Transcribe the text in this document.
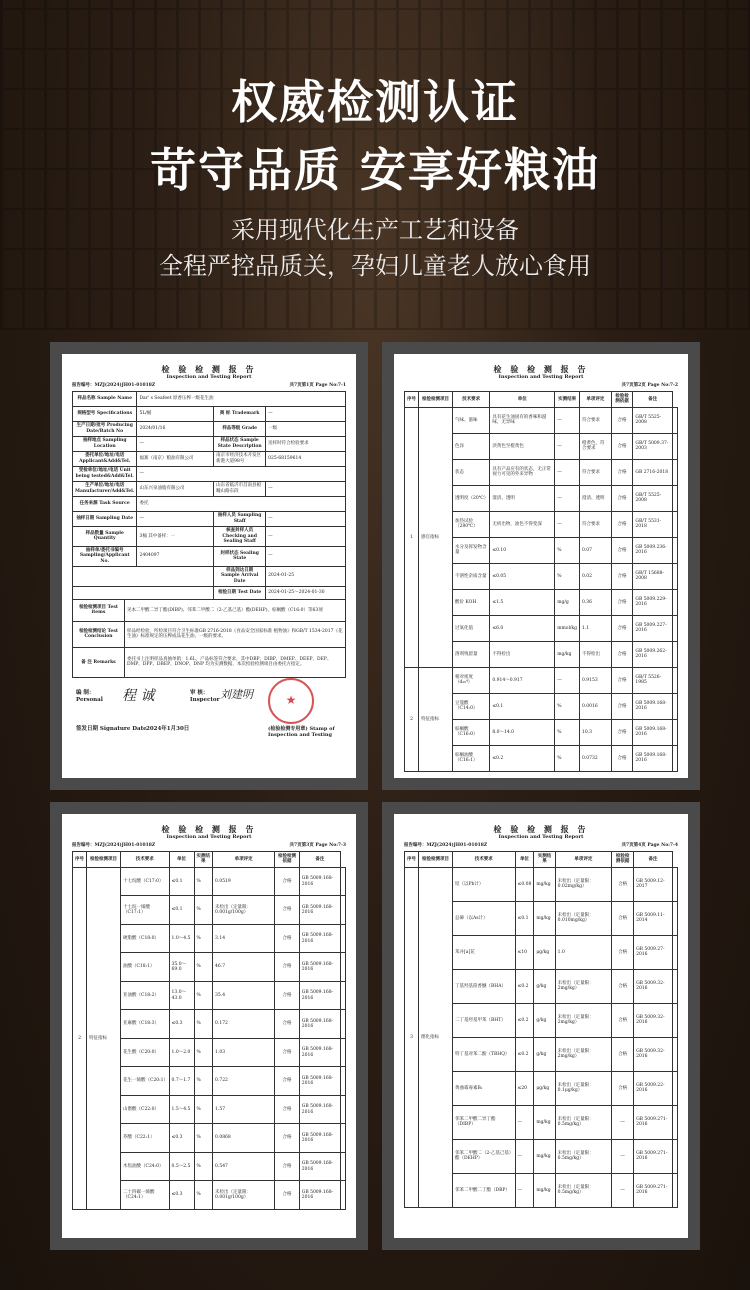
权威检测认证
苛守品质 安享好粮油
采用现代化生产工艺和设备
全程严控品质关，孕妇儿童老人放心食用
检 验 检 测 报 告
Inspection and Testing Report
报告编号：MZJ(2024)JH01-01018Z	共7页第1页 Page No:7-1
样品名称 Sample Name	Dar' s Seafeet 原香压榨一级花生油		
规格型号 Specifications	5L/桶	商 标 Trademark	—
生产日期/批号 Producing Date/Batch No	2024/01/16	样品等级 Grade	一级
抽样地点 Sampling Location	—	样品状态 Sample State Description	送样时符合检验要求
委托单位/地址/电话 Applicant&Add&Tel.	福寨（南京）粮油有限公司	南京市经济技术开发区新港大道98号	025-68159614
受检单位/地址/电话 Unit being tested&Add&Tel.	—		
生产单位/地址/电话 Manufacturer/Add&Tel.	山东兴泉油脂有限公司	山东省临沂市莒南县板疃山路东段	—
任务来源 Task Source	委托		
抽样日期 Sampling Date	—	抽样人员 Sampling Staff	—
样品数量 Sample Quantity	3桶 其中备样：一	核查封样人员 Checking and Sealing Staff	—
抽样单/委托书编号 Sampling/Applicant No.	2404097	封样状态 Sealing State	—
		样品到达日期 Sample Arrival Date	2024-01-25
		检验日期 Test Date	2024-01-25～2024-01-30
检验检测项目 Test items	见本二甲酸二异丁酯(DIBP)、邻苯二甲酸二（2-乙基己基）酯(DEHP)、棕榈酸（C16:0）等63项
检验检测结论 Test Conclusion	样品经检验，所检项目符合卫生标准GB 2716-2018《食品安全国家标准 植物油》和GB/T 1534-2017《花生油》标准规定的压榨成品花生油、一级的要求。
备 注 Remarks	委托书上注明样品真抽单销：1.6L，产品标签符合要求，其中DBP、DIBP、DMEP、DEEP、DEP、DMP、DPP、DBEP、DNOP、DNP 均为实测数据，本次检验检测项目由委托方指定。
编 制：
Personal 程 诚	审 核：
Inspector 刘建明	★
签发日期 Signature Date 2024年1月30日	(检验检测专用章) Stamp of Inspection and Testing
检 验 检 测 报 告
Inspection and Testing Report
共7页第2页 Page No:7-2
序号	检验检测项目	技术要求	单位	实测结果	单项评定	检验检测依据	备注	
1	感官指标	气味、滋味	具有花生油固有的香味和滋味，无异味	—	符合要求	合格	GB/T 5525-2008	
		色泽	淡黄色至橙黄色	—	橙黄色，符合要求	合格	GB/T 5009.37-2003	
		状态	具有产品应有的状态，无正常视力可见的外来异物	—	符合要求	合格	GB 2716-2018	
		透明度（20℃）	澄清、透明	—	澄清、透明	合格	GB/T 5525-2008	
		加热试验（280℃）	无析出物，油色不得变深	—	符合要求	合格	GB/T 5531-2018	
		水分及挥发物含量	≤0.10	%	0.07	合格	GB 5009.236-2016	
		不溶性杂质含量	≤0.05	%	0.02	合格	GB/T 15688-2008	
		酸价 KOH	≤1.5	mg/g	0.36	合格	GB 5009.229-2016	
		过氧化值	≤6.0	mmol/kg	1.1	合格	GB 5009.227-2016	
		溶剂残留量	不得检出	mg/kg	不得检出	合格	GB 5009.262-2016	
2	特征指标	相对密度（d₂₀⁴）	0.914～0.917	—	0.9153	合格	GB/T 5526-1985	
		豆蔻酸（C14:0）	≤0.1	%	0.0016	合格	GB 5009.168-2016	
		棕榈酸（C16:0）	8.0～14.0	%	10.3	合格	GB 5009.168-2016	
		棕榈油酸（C16:1）	≤0.2	%	0.0732	合格	GB 5009.168-2016	
检 验 检 测 报 告
Inspection and Testing Report
报告编号：MZJ(2024)JH01-01018Z	共7页第3页 Page No:7-3
序号	检验检测项目	技术要求	单位	实测结果	单项评定	检验检测依据	备注	
2	特征指标	十七烷酸（C17:0）	≤0.1	%	0.0519	合格	GB 5009.168-2016	
		十七烷一烯酸（C17:1）	≤0.1	%	未检出（定量限：0.001g/100g）	合格	GB 5009.168-2016	
		硬脂酸（C18:0）	1.0～4.5	%	3.14	合格	GB 5009.168-2016	
		油酸（C18:1）	35.0～69.0	%	46.7	合格	GB 5009.168-2016	
		亚油酸（C18:2）	13.0～43.0	%	35.4	合格	GB 5009.168-2016	
		亚麻酸（C18:3）	≤0.3	%	0.172	合格	GB 5009.168-2016	
		花生酸（C20:0）	1.0～2.0	%	1.03	合格	GB 5009.168-2016	
		花生一烯酸（C20:1）	0.7～1.7	%	0.722	合格	GB 5009.168-2016	
		山嵛酸（C22:0）	1.5～4.5	%	1.57	合格	GB 5009.168-2016	
		芥酸（C22:1）	≤0.3	%	0.0868	合格	GB 5009.168-2016	
		木焦油酸（C24:0）	0.5～2.5	%	0.547	合格	GB 5009.168-2016	
		二十四碳一烯酸（C24:1）	≤0.3	%	未检出（定量限：0.001g/100g）	合格	GB 5009.168-2016	
检 验 检 测 报 告
Inspection and Testing Report
报告编号：MZJ(2024)JH01-01018Z	共7页第4页 Page No:7-4
序号	检验检测项目	技术要求	单位	实测结果	单项评定	检验检测依据	备注	
3	理化指标	铅（以Pb计）	≤0.08	mg/kg	未检出（定量限：0.02mg/kg）	合格	GB 5009.12-2017	
		总砷（以As计）	≤0.1	mg/kg	未检出（定量限：0.010mg/kg）	合格	GB 5009.11-2014	
		苯并[a]芘	≤10	μg/kg	1.0	合格	GB 5009.27-2016	
		丁基羟基茴香醚（BHA）	≤0.2	g/kg	未检出（定量限：2mg/kg）	合格	GB 5009.32-2016	
		二丁基羟基甲苯（BHT）	≤0.2	g/kg	未检出（定量限：2mg/kg）	合格	GB 5009.32-2016	
		特丁基对苯二酚（TBHQ）	≤0.2	g/kg	未检出（定量限：2mg/kg）	合格	GB 5009.32-2016	
		黄曲霉毒素B₁	≤20	μg/kg	未检出（定量限：0.1μg/kg）	合格	GB 5009.22-2016	
		邻苯二甲酸二异丁酯（DIBP）	—	mg/kg	未检出（定量限：0.5mg/kg）	—	GB 5009.271-2016	
		邻苯二甲酸二（2-乙基己基）酯（DEHP）	—	mg/kg	未检出（定量限：0.5mg/kg）	—	GB 5009.271-2016	
		邻苯二甲酸二丁酯（DBP）	—	mg/kg	未检出（定量限：0.5mg/kg）	—	GB 5009.271-2016	
